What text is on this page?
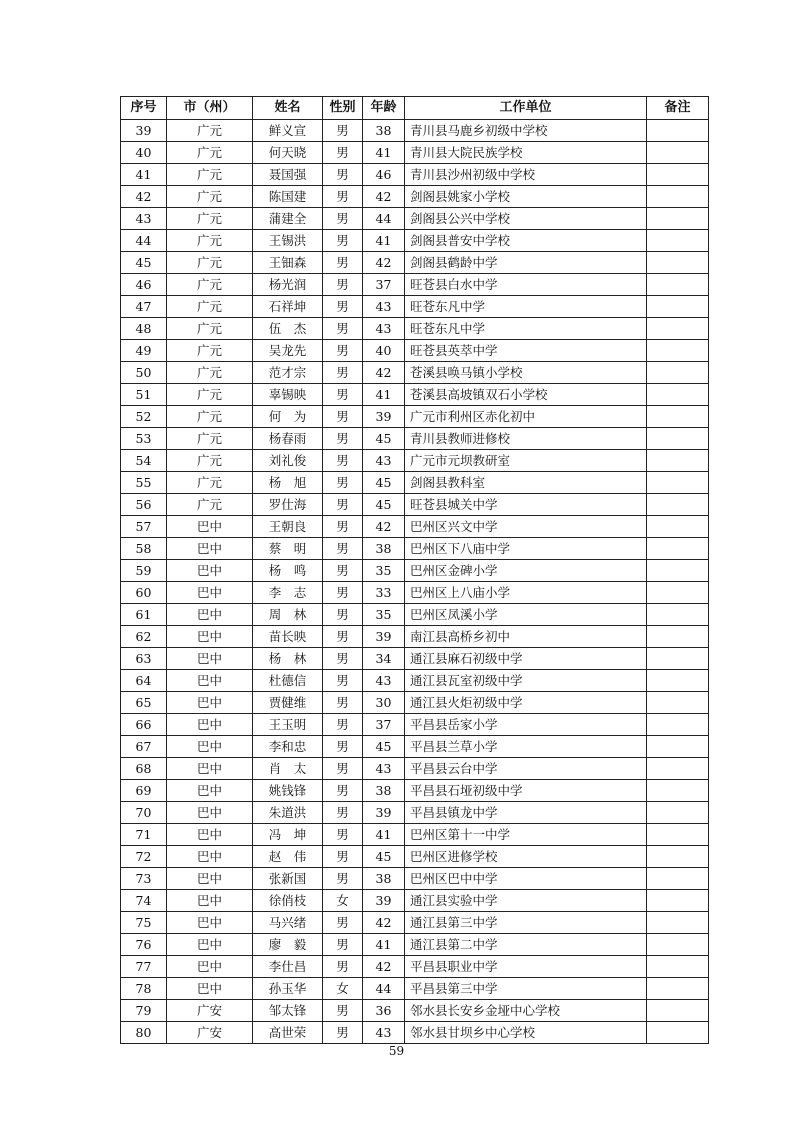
序号	市（州）	姓名	性别	年龄	工作单位	备注
39	广元	鲜义宣	男	38	青川县马鹿乡初级中学校	
40	广元	何天晓	男	41	青川县大院民族学校	
41	广元	聂国强	男	46	青川县沙州初级中学校	
42	广元	陈国建	男	42	剑阁县姚家小学校	
43	广元	蒲建全	男	44	剑阁县公兴中学校	
44	广元	王锡洪	男	41	剑阁县普安中学校	
45	广元	王钿森	男	42	剑阁县鹤龄中学	
46	广元	杨光润	男	37	旺苍县白水中学	
47	广元	石祥坤	男	43	旺苍东凡中学	
48	广元	伍　杰	男	43	旺苍东凡中学	
49	广元	吴龙先	男	40	旺苍县英萃中学	
50	广元	范才宗	男	42	苍溪县唤马镇小学校	
51	广元	辜锡映	男	41	苍溪县高坡镇双石小学校	
52	广元	何　为	男	39	广元市利州区赤化初中	
53	广元	杨春雨	男	45	青川县教师进修校	
54	广元	刘礼俊	男	43	广元市元坝教研室	
55	广元	杨　旭	男	45	剑阁县教科室	
56	广元	罗仕海	男	45	旺苍县城关中学	
57	巴中	王朝良	男	42	巴州区兴文中学	
58	巴中	蔡　明	男	38	巴州区下八庙中学	
59	巴中	杨　鸣	男	35	巴州区金碑小学	
60	巴中	李　志	男	33	巴州区上八庙小学	
61	巴中	周　林	男	35	巴州区凤溪小学	
62	巴中	苗长映	男	39	南江县高桥乡初中	
63	巴中	杨　林	男	34	通江县麻石初级中学	
64	巴中	杜德信	男	43	通江县瓦室初级中学	
65	巴中	贾健维	男	30	通江县火炬初级中学	
66	巴中	王玉明	男	37	平昌县岳家小学	
67	巴中	李和忠	男	45	平昌县兰草小学	
68	巴中	肖　太	男	43	平昌县云台中学	
69	巴中	姚钱锋	男	38	平昌县石垭初级中学	
70	巴中	朱道洪	男	39	平昌县镇龙中学	
71	巴中	冯　坤	男	41	巴州区第十一中学	
72	巴中	赵　伟	男	45	巴州区进修学校	
73	巴中	张新国	男	38	巴州区巴中中学	
74	巴中	徐俏枝	女	39	通江县实验中学	
75	巴中	马兴绪	男	42	通江县第三中学	
76	巴中	廖　毅	男	41	通江县第二中学	
77	巴中	李仕昌	男	42	平昌县职业中学	
78	巴中	孙玉华	女	44	平昌县第三中学	
79	广安	邹太锋	男	36	邻水县长安乡金垭中心学校	
80	广安	高世荣	男	43	邻水县甘坝乡中心学校	
59
